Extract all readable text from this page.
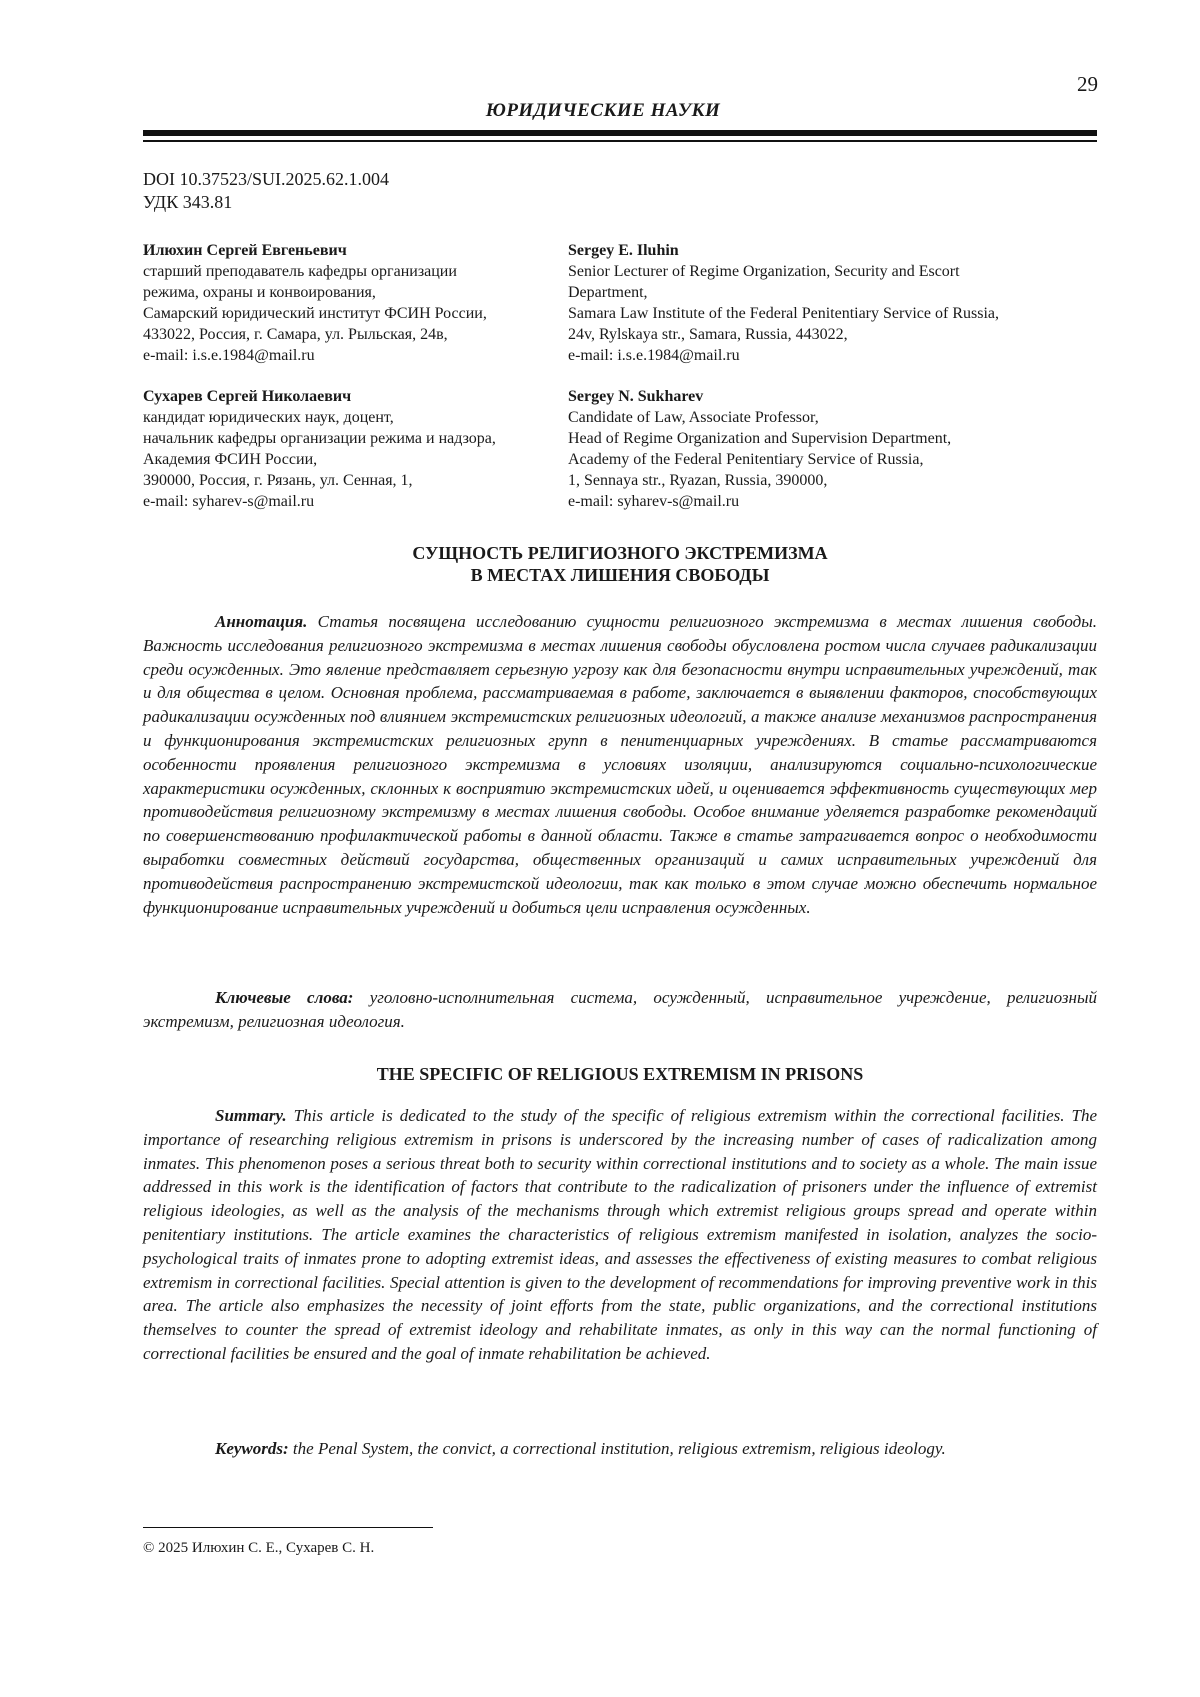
29
ЮРИДИЧЕСКИЕ НАУКИ
DOI 10.37523/SUI.2025.62.1.004
УДК 343.81
Илюхин Сергей Евгеньевич
старший преподаватель кафедры организации
режима, охраны и конвоирования,
Самарский юридический институт ФСИН России,
433022, Россия, г. Самара, ул. Рыльская, 24в,
e-mail: i.s.e.1984@mail.ru
Sergey E. Iluhin
Senior Lecturer of Regime Organization, Security and Escort
Department,
Samara Law Institute of the Federal Penitentiary Service of Russia,
24v, Rylskaya str., Samara, Russia, 443022,
e-mail: i.s.e.1984@mail.ru
Сухарев Сергей Николаевич
кандидат юридических наук, доцент,
начальник кафедры организации режима и надзора,
Академия ФСИН России,
390000, Россия, г. Рязань, ул. Сенная, 1,
e-mail: syharev-s@mail.ru
Sergey N. Sukharev
Candidate of Law, Associate Professor,
Head of Regime Organization and Supervision Department,
Academy of the Federal Penitentiary Service of Russia,
1, Sennaya str., Ryazan, Russia, 390000,
e-mail: syharev-s@mail.ru
СУЩНОСТЬ РЕЛИГИОЗНОГО ЭКСТРЕМИЗМА
В МЕСТАХ ЛИШЕНИЯ СВОБОДЫ

Аннотация. Статья посвящена исследованию сущности религиозного экстремизма в местах лишения свободы. Важность исследования религиозного экстремизма в местах лишения свободы обусловлена ростом числа случаев радикализации среди осужденных. Это явление представляет серьезную угрозу как для безопасности внутри исправительных учреждений, так и для общества в целом. Основная проблема, рассматриваемая в работе, заключается в выявлении факторов, способствующих радикализации осужденных под влиянием экстремистских религиозных идеологий, а также анализе механизмов распространения и функционирования экстремистских религиозных групп в пенитенциарных учреждениях. В статье рассматриваются особенности проявления религиозного экстремизма в условиях изоляции, анализируются социально-психологические характеристики осужденных, склонных к восприятию экстремистских идей, и оценивается эффективность существующих мер противодействия религиозному экстремизму в местах лишения свободы. Особое внимание уделяется разработке рекомендаций по совершенствованию профилактической работы в данной области. Также в статье затрагивается вопрос о необходимости выработки совместных действий государства, общественных организаций и самих исправительных учреждений для противодействия распространению экстремистской идеологии, так как только в этом случае можно обеспечить нормальное функционирование исправительных учреждений и добиться цели исправления осужденных.

Ключевые слова: уголовно-исполнительная система, осужденный, исправительное учреждение, религиозный экстремизм, религиозная идеология.

THE SPECIFIC OF RELIGIOUS EXTREMISM IN PRISONS

Summary. This article is dedicated to the study of the specific of religious extremism within the correctional facilities. The importance of researching religious extremism in prisons is underscored by the increasing number of cases of radicalization among inmates. This phenomenon poses a serious threat both to security within correctional institutions and to society as a whole. The main issue addressed in this work is the identification of factors that contribute to the radicalization of prisoners under the influence of extremist religious ideologies, as well as the analysis of the mechanisms through which extremist religious groups spread and operate within penitentiary institutions. The article examines the characteristics of religious extremism manifested in isolation, analyzes the socio-psychological traits of inmates prone to adopting extremist ideas, and assesses the effectiveness of existing measures to combat religious extremism in correctional facilities. Special attention is given to the development of recommendations for improving preventive work in this area. The article also emphasizes the necessity of joint efforts from the state, public organizations, and the correctional institutions themselves to counter the spread of extremist ideology and rehabilitate inmates, as only in this way can the normal functioning of correctional facilities be ensured and the goal of inmate rehabilitation be achieved.

Keywords: the Penal System, the convict, a correctional institution, religious extremism, religious ideology.

© 2025 Илюхин С. Е., Сухарев С. Н.
